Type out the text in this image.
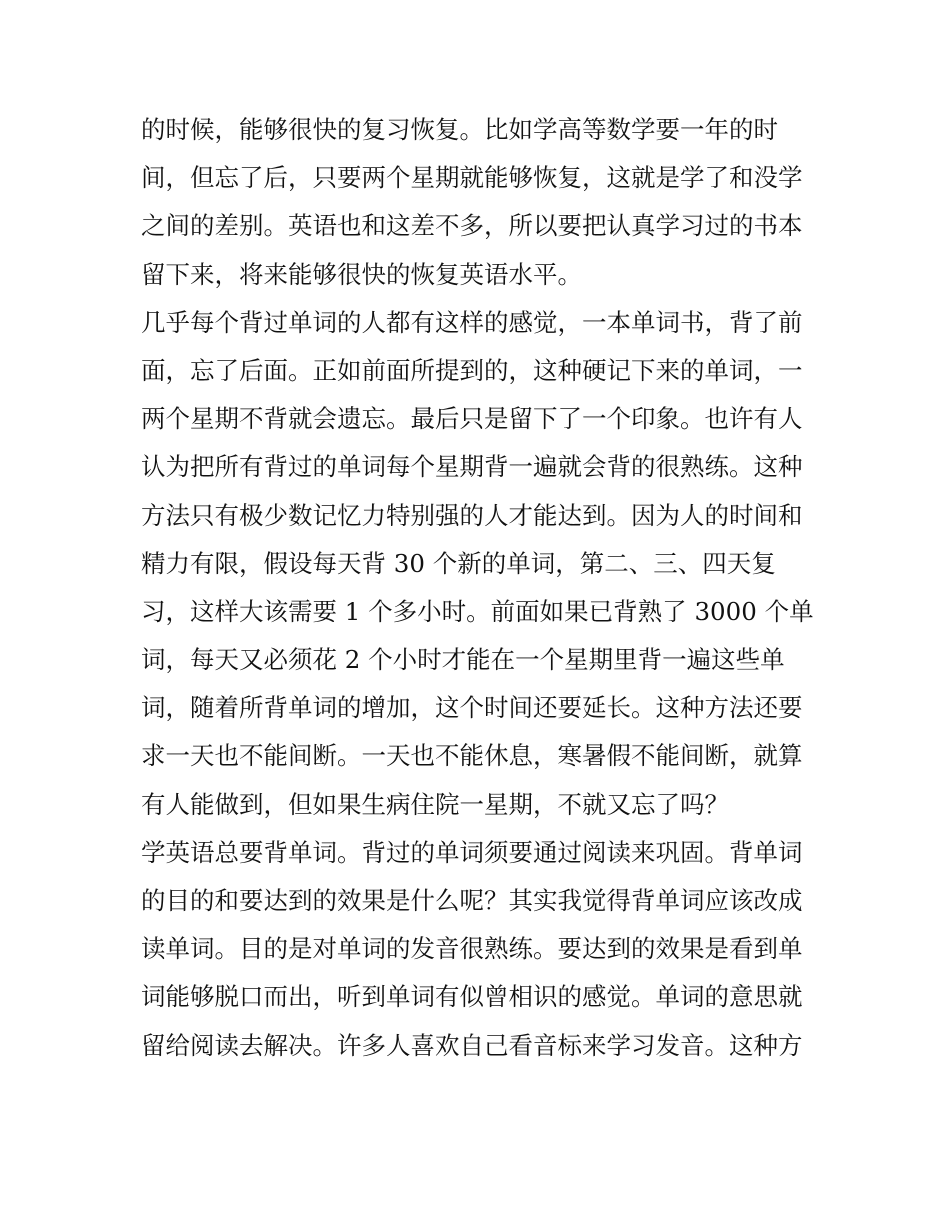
的时候，能够很快的复习恢复。比如学高等数学要一年的时
间，但忘了后，只要两个星期就能够恢复，这就是学了和没学
之间的差别。英语也和这差不多，所以要把认真学习过的书本
留下来，将来能够很快的恢复英语水平。
几乎每个背过单词的人都有这样的感觉，一本单词书，背了前
面，忘了后面。正如前面所提到的，这种硬记下来的单词，一
两个星期不背就会遗忘。最后只是留下了一个印象。也许有人
认为把所有背过的单词每个星期背一遍就会背的很熟练。这种
方法只有极少数记忆力特别强的人才能达到。因为人的时间和
精力有限，假设每天背 30 个新的单词，第二、三、四天复
习，这样大该需要 1 个多小时。前面如果已背熟了 3000 个单
词，每天又必须花 2 个小时才能在一个星期里背一遍这些单
词，随着所背单词的增加，这个时间还要延长。这种方法还要
求一天也不能间断。一天也不能休息，寒暑假不能间断，就算
有人能做到，但如果生病住院一星期，不就又忘了吗？
学英语总要背单词。背过的单词须要通过阅读来巩固。背单词
的目的和要达到的效果是什么呢？其实我觉得背单词应该改成
读单词。目的是对单词的发音很熟练。要达到的效果是看到单
词能够脱口而出，听到单词有似曾相识的感觉。单词的意思就
留给阅读去解决。许多人喜欢自己看音标来学习发音。这种方
